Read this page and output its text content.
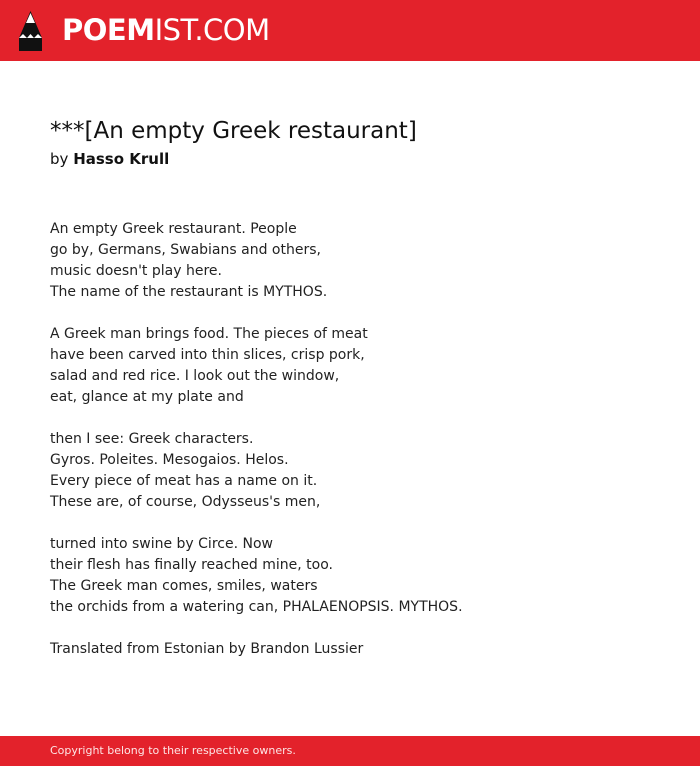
POEMIST.COM
***[An empty Greek restaurant]
by Hasso Krull
An empty Greek restaurant. People
go by, Germans, Swabians and others,
music doesn't play here.
The name of the restaurant is MYTHOS.
A Greek man brings food. The pieces of meat
have been carved into thin slices, crisp pork,
salad and red rice. I look out the window,
eat, glance at my plate and
then I see: Greek characters.
Gyros. Poleites. Mesogaios. Helos.
Every piece of meat has a name on it.
These are, of course, Odysseus's men,
turned into swine by Circe. Now
their flesh has finally reached mine, too.
The Greek man comes, smiles, waters
the orchids from a watering can, PHALAENOPSIS. MYTHOS.
Translated from Estonian by Brandon Lussier
Copyright belong to their respective owners.
